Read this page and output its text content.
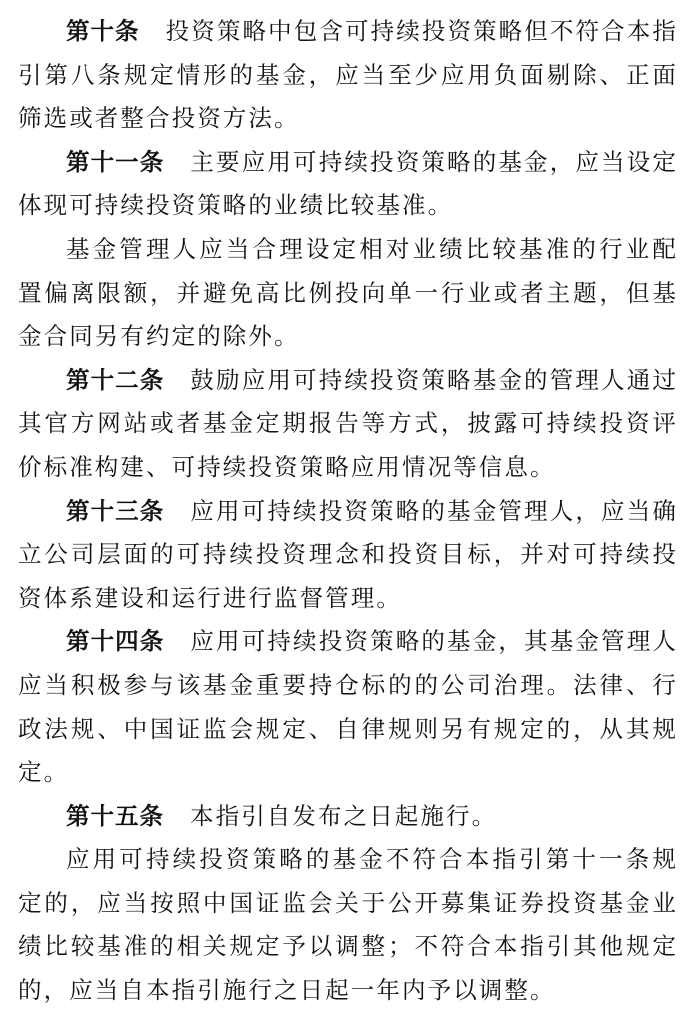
第十条 投资策略中包含可持续投资策略但不符合本指引第八条规定情形的基金，应当至少应用负面剔除、正面筛选或者整合投资方法。

第十一条 主要应用可持续投资策略的基金，应当设定体现可持续投资策略的业绩比较基准。

基金管理人应当合理设定相对业绩比较基准的行业配置偏离限额，并避免高比例投向单一行业或者主题，但基金合同另有约定的除外。

第十二条 鼓励应用可持续投资策略基金的管理人通过其官方网站或者基金定期报告等方式，披露可持续投资评价标准构建、可持续投资策略应用情况等信息。

第十三条 应用可持续投资策略的基金管理人，应当确立公司层面的可持续投资理念和投资目标，并对可持续投资体系建设和运行进行监督管理。

第十四条 应用可持续投资策略的基金，其基金管理人应当积极参与该基金重要持仓标的的公司治理。法律、行政法规、中国证监会规定、自律规则另有规定的，从其规定。

第十五条 本指引自发布之日起施行。

应用可持续投资策略的基金不符合本指引第十一条规定的，应当按照中国证监会关于公开募集证券投资基金业绩比较基准的相关规定予以调整；不符合本指引其他规定的，应当自本指引施行之日起一年内予以调整。
